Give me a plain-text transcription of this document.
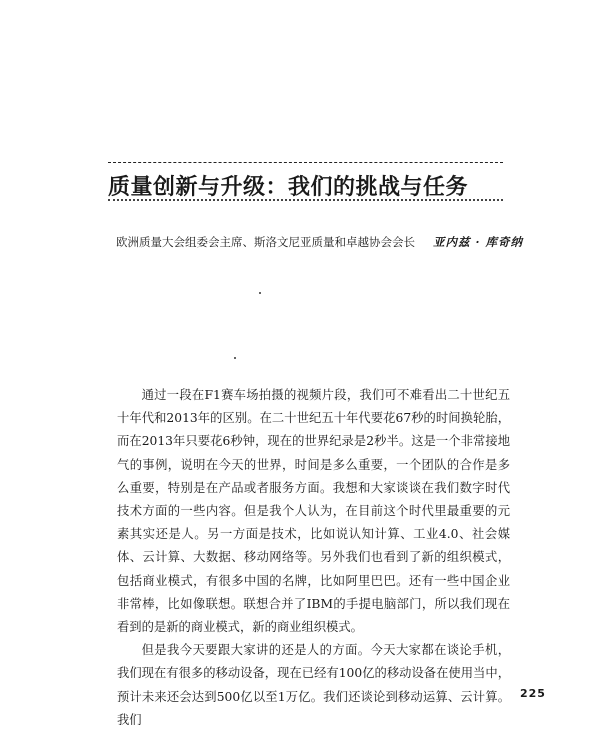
质量创新与升级：我们的挑战与任务
欧洲质量大会组委会主席、斯洛文尼亚质量和卓越协会会长 亚内兹 · 库奇纳

通过一段在F1赛车场拍摄的视频片段，我们可不难看出二十世纪五十年代和2013年的区别。在二十世纪五十年代要花67秒的时间换轮胎，而在2013年只要花6秒钟，现在的世界纪录是2秒半。这是一个非常接地气的事例，说明在今天的世界，时间是多么重要，一个团队的合作是多么重要，特别是在产品或者服务方面。我想和大家谈谈在我们数字时代技术方面的一些内容。但是我个人认为，在目前这个时代里最重要的元素其实还是人。另一方面是技术，比如说认知计算、工业4.0、社会媒体、云计算、大数据、移动网络等。另外我们也看到了新的组织模式，包括商业模式，有很多中国的名牌，比如阿里巴巴。还有一些中国企业非常棒，比如像联想。联想合并了IBM的手提电脑部门，所以我们现在看到的是新的商业模式，新的商业组织模式。

但是我今天要跟大家讲的还是人的方面。今天大家都在谈论手机，我们现在有很多的移动设备，现在已经有100亿的移动设备在使用当中，预计未来还会达到500亿以至1万亿。我们还谈论到移动运算、云计算。我们

225
